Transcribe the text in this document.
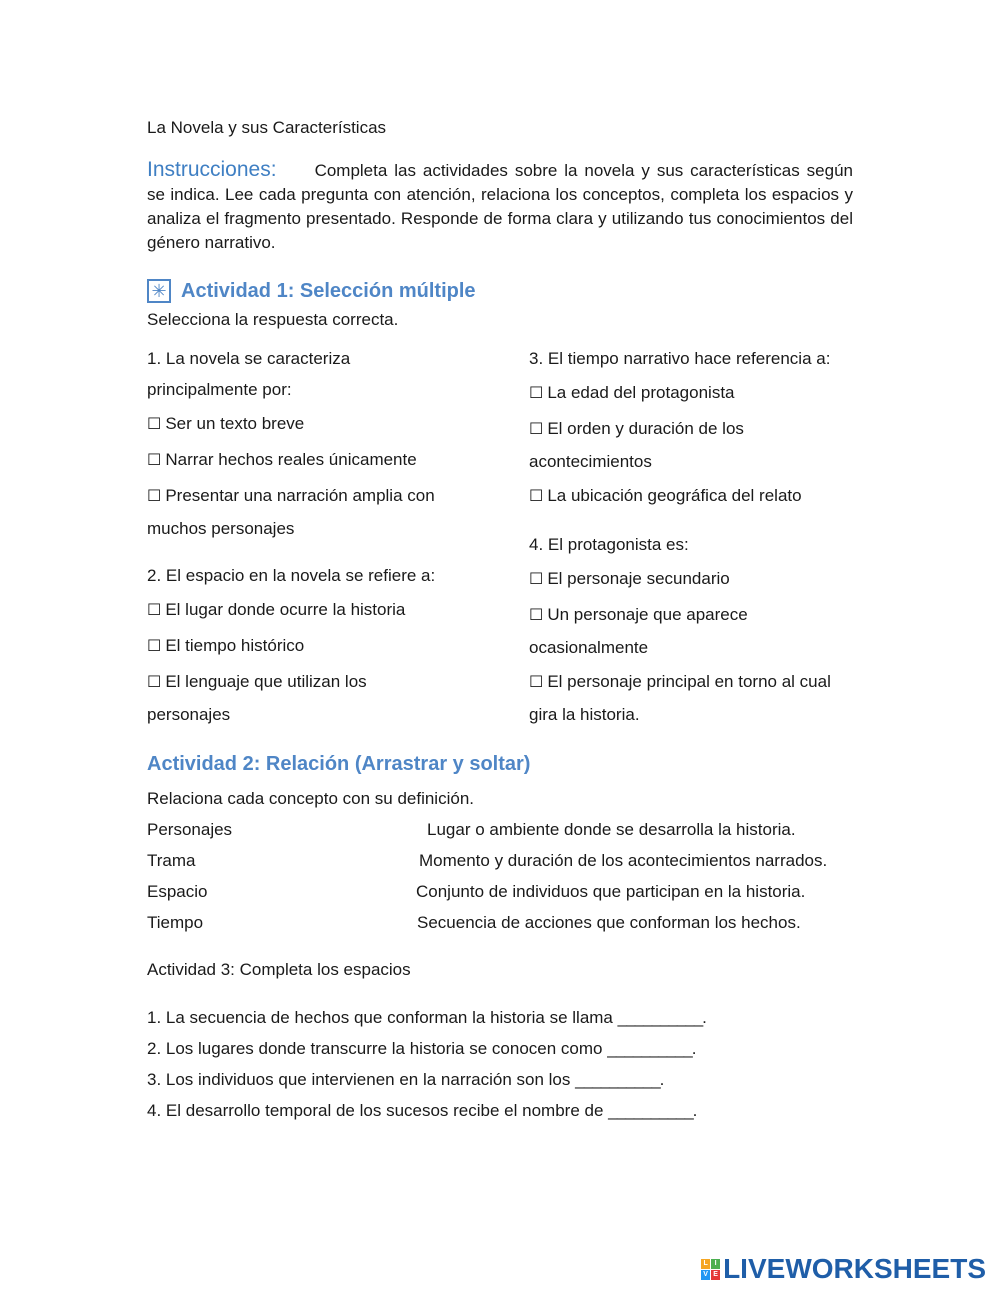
La Novela y sus Características
Instrucciones: Completa las actividades sobre la novela y sus características según se indica. Lee cada pregunta con atención, relaciona los conceptos, completa los espacios y analiza el fragmento presentado. Responde de forma clara y utilizando tus conocimientos del género narrativo.
✳ Actividad 1: Selección múltiple
Selecciona la respuesta correcta.
1. La novela se caracteriza
principalmente por:
☐ Ser un texto breve
☐ Narrar hechos reales únicamente
☐ Presentar una narración amplia con
muchos personajes
2. El espacio en la novela se refiere a:
☐ El lugar donde ocurre la historia
☐ El tiempo histórico
☐ El lenguaje que utilizan los
personajes
3. El tiempo narrativo hace referencia a:
☐ La edad del protagonista
☐ El orden y duración de los
acontecimientos
☐ La ubicación geográfica del relato
4. El protagonista es:
☐ El personaje secundario
☐ Un personaje que aparece
ocasionalmente
☐ El personaje principal en torno al cual
gira la historia.
Actividad 2: Relación (Arrastrar y soltar)
Relaciona cada concepto con su definición.
Personajes
Trama
Espacio
Tiempo
Lugar o ambiente donde se desarrolla la historia.
Momento y duración de los acontecimientos narrados.
Conjunto de individuos que participan en la historia.
Secuencia de acciones que conforman los hechos.
Actividad 3: Completa los espacios
1. La secuencia de hechos que conforman la historia se llama __________.
2. Los lugares donde transcurre la historia se conocen como __________.
3. Los individuos que intervienen en la narración son los __________.
4. El desarrollo temporal de los sucesos recibe el nombre de __________.
L I
V E LIVEWORKSHEETS
